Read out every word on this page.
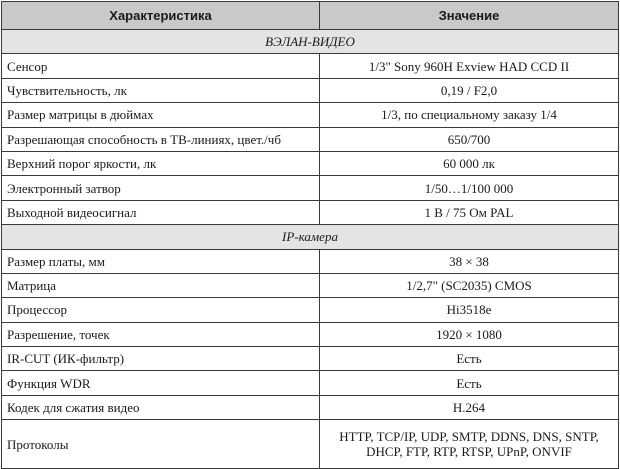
Характеристика	Значение
ВЭЛАН-ВИДЕО	
Сенсор	1/3" Sony 960H Exview HAD CCD II
Чувствительность, лк	0,19 / F2,0
Размер матрицы в дюймах	1/3, по специальному заказу 1/4
Разрешающая способность в ТВ-линиях, цвет./чб	650/700
Верхний порог яркости, лк	60 000 лк
Электронный затвор	1/50…1/100 000
Выходной видеосигнал	1 В / 75 Ом PAL
IP-камера	
Размер платы, мм	38 × 38
Матрица	1/2,7" (SC2035) CMOS
Процессор	Hi3518e
Разрешение, точек	1920 × 1080
IR-CUT (ИК-фильтр)	Есть
Функция WDR	Есть
Кодек для сжатия видео	H.264
Протоколы	HTTP, TCP/IP, UDP, SMTP, DDNS, DNS, SNTP,
DHCP, FTP, RTP, RTSP, UPnP, ONVIF
